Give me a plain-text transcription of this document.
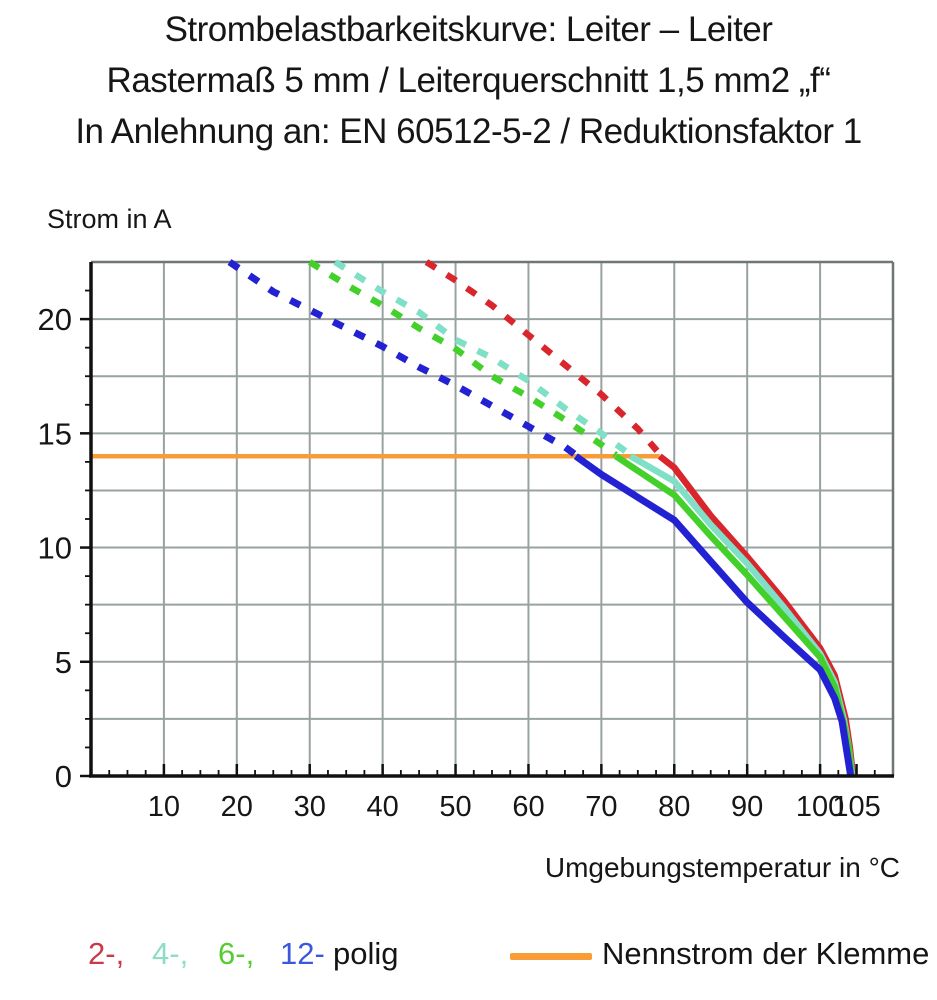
Strombelastbarkeitskurve: Leiter – Leiter
Rastermaß 5 mm / Leiterquerschnitt 1,5 mm2 „f“
In Anlehnung an: EN 60512-5-2 / Reduktionsfaktor 1
Strom in A
10 20 30 40 50 60 70 80 90 100
105
0
5
10
15
20
Umgebungstemperatur in °C
2-, 4-, 6-, 12- polig	Nennstrom der Klemme
